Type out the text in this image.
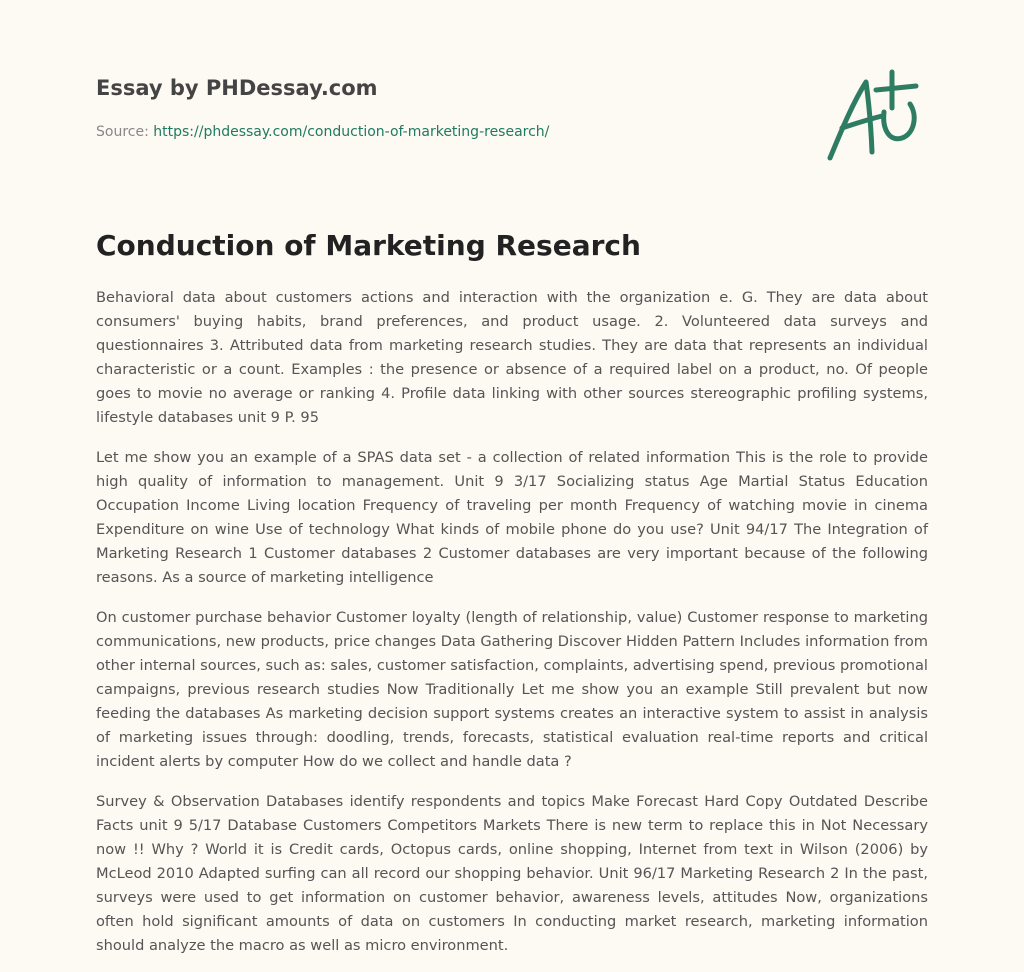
Essay by PHDessay.com
Source: https://phdessay.com/conduction-of-marketing-research/
Conduction of Marketing Research

Behavioral data about customers actions and interaction with the organization e. G. They are data about consumers' buying habits, brand preferences, and product usage. 2. Volunteered data surveys and questionnaires 3. Attributed data from marketing research studies. They are data that represents an individual characteristic or a count. Examples : the presence or absence of a required label on a product, no. Of people goes to movie no average or ranking 4. Profile data linking with other sources stereographic profiling systems, lifestyle databases unit 9 P. 95

Let me show you an example of a SPAS data set - a collection of related information This is the role to provide high quality of information to management. Unit 9 3/17 Socializing status Age Martial Status Education Occupation Income Living location Frequency of traveling per month Frequency of watching movie in cinema Expenditure on wine Use of technology What kinds of mobile phone do you use? Unit 94/17 The Integration of Marketing Research 1 Customer databases 2 Customer databases are very important because of the following reasons. As a source of marketing intelligence

On customer purchase behavior Customer loyalty (length of relationship, value) Customer response to marketing communications, new products, price changes Data Gathering Discover Hidden Pattern Includes information from other internal sources, such as: sales, customer satisfaction, complaints, advertising spend, previous promotional campaigns, previous research studies Now Traditionally Let me show you an example Still prevalent but now feeding the databases As marketing decision support systems creates an interactive system to assist in analysis of marketing issues through: doodling, trends, forecasts, statistical evaluation real-time reports and critical incident alerts by computer How do we collect and handle data ?

Survey & Observation Databases identify respondents and topics Make Forecast Hard Copy Outdated Describe Facts unit 9 5/17 Database Customers Competitors Markets There is new term to replace this in Not Necessary now !! Why ? World it is Credit cards, Octopus cards, online shopping, Internet from text in Wilson (2006) by McLeod 2010 Adapted surfing can all record our shopping behavior. Unit 96/17 Marketing Research 2 In the past, surveys were used to get information on customer behavior, awareness levels, attitudes Now, organizations often hold significant amounts of data on customers In conducting market research, marketing information should analyze the macro as well as micro environment.
